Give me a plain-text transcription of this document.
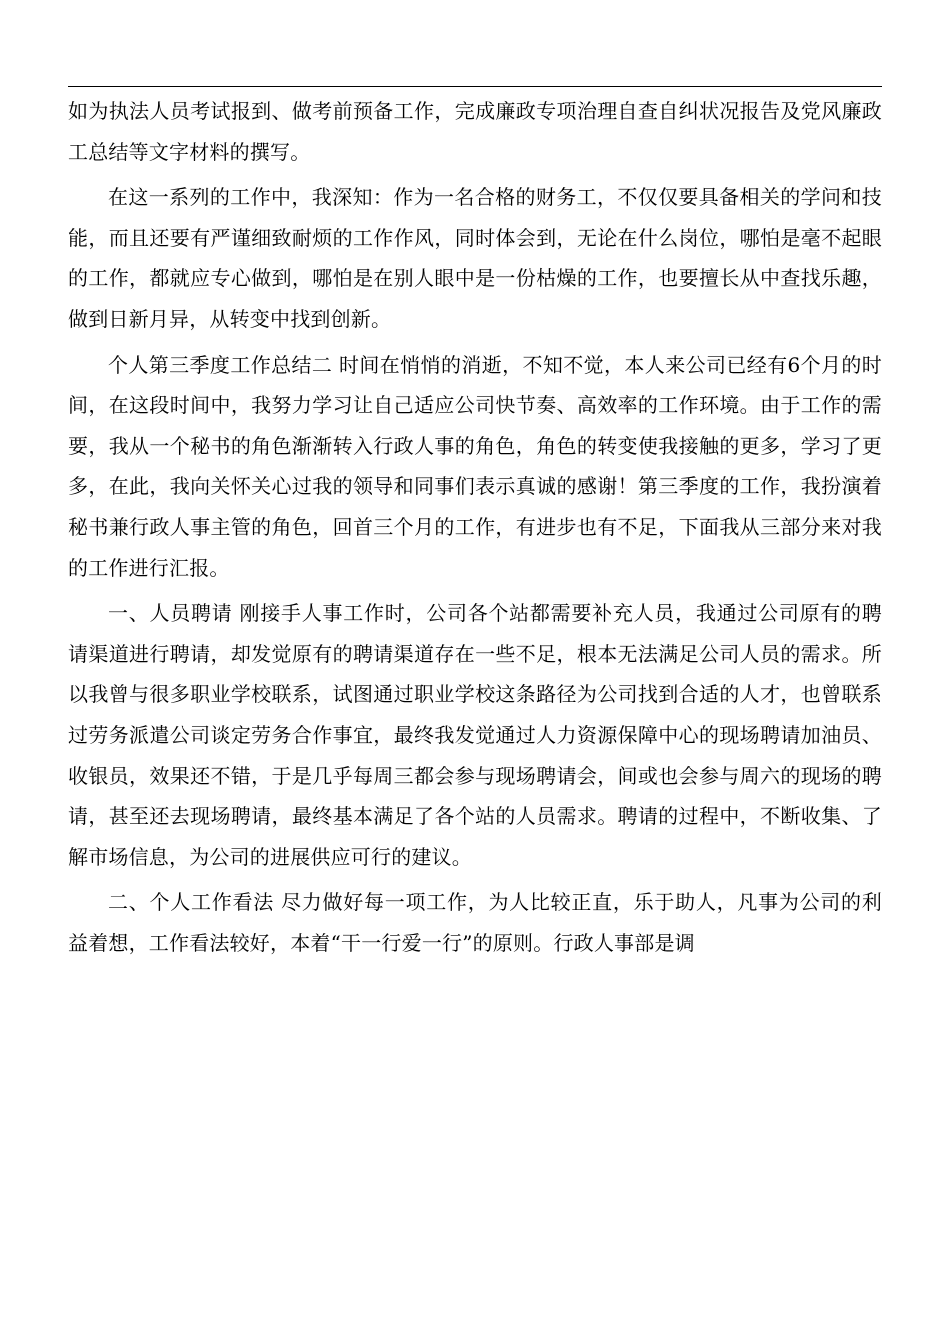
如为执法人员考试报到、做考前预备工作，完成廉政专项治理自查自纠状况报告及党风廉政工总结等文字材料的撰写。

在这一系列的工作中，我深知：作为一名合格的财务工，不仅仅要具备相关的学问和技能，而且还要有严谨细致耐烦的工作作风，同时体会到，无论在什么岗位，哪怕是毫不起眼的工作，都就应专心做到，哪怕是在别人眼中是一份枯燥的工作，也要擅长从中查找乐趣，做到日新月异，从转变中找到创新。

个人第三季度工作总结二 时间在悄悄的消逝，不知不觉，本人来公司已经有6个月的时间，在这段时间中，我努力学习让自己适应公司快节奏、高效率的工作环境。由于工作的需要，我从一个秘书的角色渐渐转入行政人事的角色，角色的转变使我接触的更多，学习了更多，在此，我向关怀关心过我的领导和同事们表示真诚的感谢！第三季度的工作，我扮演着秘书兼行政人事主管的角色，回首三个月的工作，有进步也有不足，下面我从三部分来对我的工作进行汇报。

一、人员聘请 刚接手人事工作时，公司各个站都需要补充人员，我通过公司原有的聘请渠道进行聘请，却发觉原有的聘请渠道存在一些不足，根本无法满足公司人员的需求。所以我曾与很多职业学校联系，试图通过职业学校这条路径为公司找到合适的人才，也曾联系过劳务派遣公司谈定劳务合作事宜，最终我发觉通过人力资源保障中心的现场聘请加油员、收银员，效果还不错，于是几乎每周三都会参与现场聘请会，间或也会参与周六的现场的聘请，甚至还去现场聘请，最终基本满足了各个站的人员需求。聘请的过程中，不断收集、了解市场信息，为公司的进展供应可行的建议。

二、个人工作看法 尽力做好每一项工作，为人比较正直，乐于助人，凡事为公司的利益着想，工作看法较好，本着“干一行爱一行”的原则。行政人事部是调
